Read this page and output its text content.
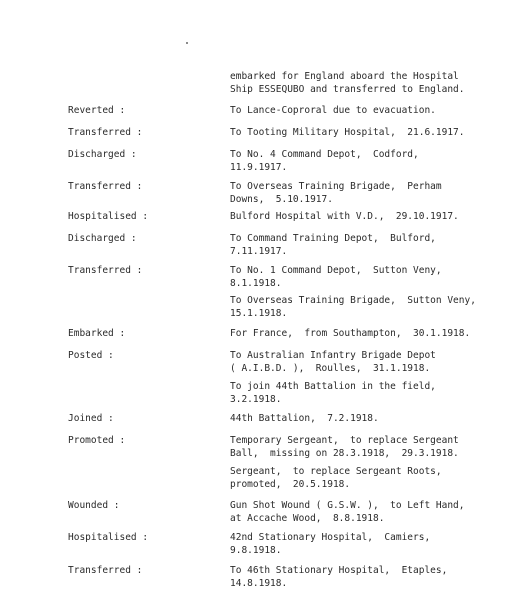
embarked for England aboard the Hospital
Ship ESSEQUBO and transferred to England.
Reverted :	To Lance-Coproral due to evacuation.
Transferred :	To Tooting Military Hospital,  21.6.1917.
Discharged :	To No. 4 Command Depot,  Codford,
11.9.1917.
Transferred :	To Overseas Training Brigade,  Perham
Downs,  5.10.1917.
Hospitalised :	Bulford Hospital with V.D.,  29.10.1917.
Discharged :	To Command Training Depot,  Bulford,
7.11.1917.
Transferred :	To No. 1 Command Depot,  Sutton Veny,
8.1.1918.
To Overseas Training Brigade,  Sutton Veny,
15.1.1918.
Embarked :	For France,  from Southampton,  30.1.1918.
Posted :	To Australian Infantry Brigade Depot
( A.I.B.D. ),  Roulles,  31.1.1918.
To join 44th Battalion in the field,
3.2.1918.
Joined :	44th Battalion,  7.2.1918.
Promoted :	Temporary Sergeant,  to replace Sergeant
Ball,  missing on 28.3.1918,  29.3.1918.
Sergeant,  to replace Sergeant Roots,
promoted,  20.5.1918.
Wounded :	Gun Shot Wound ( G.S.W. ),  to Left Hand,
at Accache Wood,  8.8.1918.
Hospitalised :	42nd Stationary Hospital,  Camiers,
9.8.1918.
Transferred :	To 46th Stationary Hospital,  Etaples,
14.8.1918.
